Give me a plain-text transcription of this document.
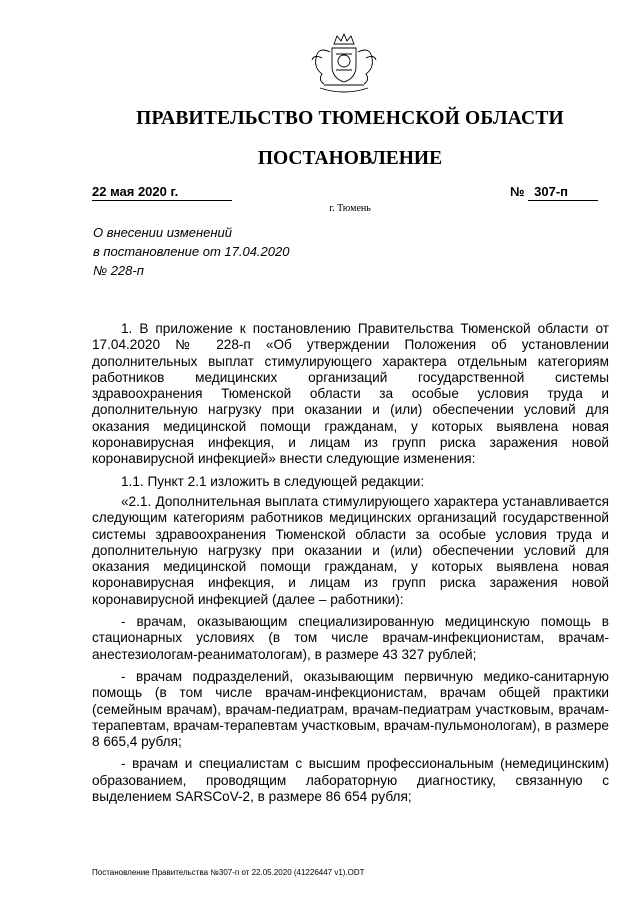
ПРАВИТЕЛЬСТВО ТЮМЕНСКОЙ ОБЛАСТИ
ПОСТАНОВЛЕНИЕ
22 мая 2020 г.	№ 307-п
г. Тюмень
О внесении изменений
в постановление от 17.04.2020
№ 228-п

1. В приложение к постановлению Правительства Тюменской области от 17.04.2020 № 228-п «Об утверждении Положения об установлении дополнительных выплат стимулирующего характера отдельным категориям работников медицинских организаций государственной системы здравоохранения Тюменской области за особые условия труда и дополнительную нагрузку при оказании и (или) обеспечении условий для оказания медицинской помощи гражданам, у которых выявлена новая коронавирусная инфекция, и лицам из групп риска заражения новой коронавирусной инфекцией» внести следующие изменения:

1.1. Пункт 2.1 изложить в следующей редакции:

«2.1. Дополнительная выплата стимулирующего характера устанавливается следующим категориям работников медицинских организаций государственной системы здравоохранения Тюменской области за особые условия труда и дополнительную нагрузку при оказании и (или) обеспечении условий для оказания медицинской помощи гражданам, у которых выявлена новая коронавирусная инфекция, и лицам из групп риска заражения новой коронавирусной инфекцией (далее – работники):

- врачам, оказывающим специализированную медицинскую помощь в стационарных условиях (в том числе врачам-инфекционистам, врачам-анестезиологам-реаниматологам), в размере 43 327 рублей;

- врачам подразделений, оказывающим первичную медико-санитарную помощь (в том числе врачам-инфекционистам, врачам общей практики (семейным врачам), врачам-педиатрам, врачам-педиатрам участковым, врачам-терапевтам, врачам-терапевтам участковым, врачам-пульмонологам), в размере 8 665,4 рубля;

- врачам и специалистам с высшим профессиональным (немедицинским) образованием, проводящим лабораторную диагностику, связанную с выделением SARSCoV-2, в размере 86 654 рубля;

Постановление Правительства №307-п от 22.05.2020 (41226447 v1).ODT
